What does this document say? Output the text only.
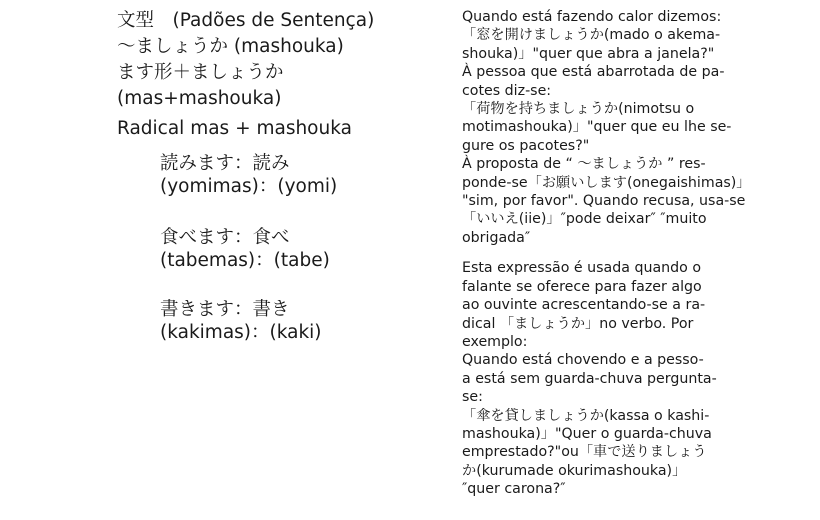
文型　(Padões de Sentença)
～ましょうか (mashouka)
ます形＋ましょうか
(mas+mashouka)
Radical mas + mashouka
読みます：読み
(yomimas)：(yomi)
食べます：食べ
(tabemas)：(tabe)
書きます：書き
(kakimas)：(kaki)
Quando está fazendo calor dizemos:
「窓を開けましょうか(mado o akema-
shouka)」"quer que abra a janela?"
À pessoa que está abarrotada de pa-
cotes diz-se:
「荷物を持ちましょうか(nimotsu o
motimashouka)」"quer que eu lhe se-
gure os pacotes?"
À proposta de “ ～ましょうか ” res-
ponde-se「お願いします(onegaishimas)」
"sim, por favor". Quando recusa, usa-se
「いいえ(iie)」″pode deixar″ ″muito
obrigada″
Esta expressão é usada quando o
falante se oferece para fazer algo
ao ouvinte acrescentando-se a ra-
dical 「ましょうか」no verbo. Por
exemplo:
Quando está chovendo e a pesso-
a está sem guarda-chuva pergunta-
se:
「傘を貸しましょうか(kassa o kashi-
mashouka)」"Quer o guarda-chuva
emprestado?"ou「車で送りましょう
か(kurumade okurimashouka)」
″quer carona?″
